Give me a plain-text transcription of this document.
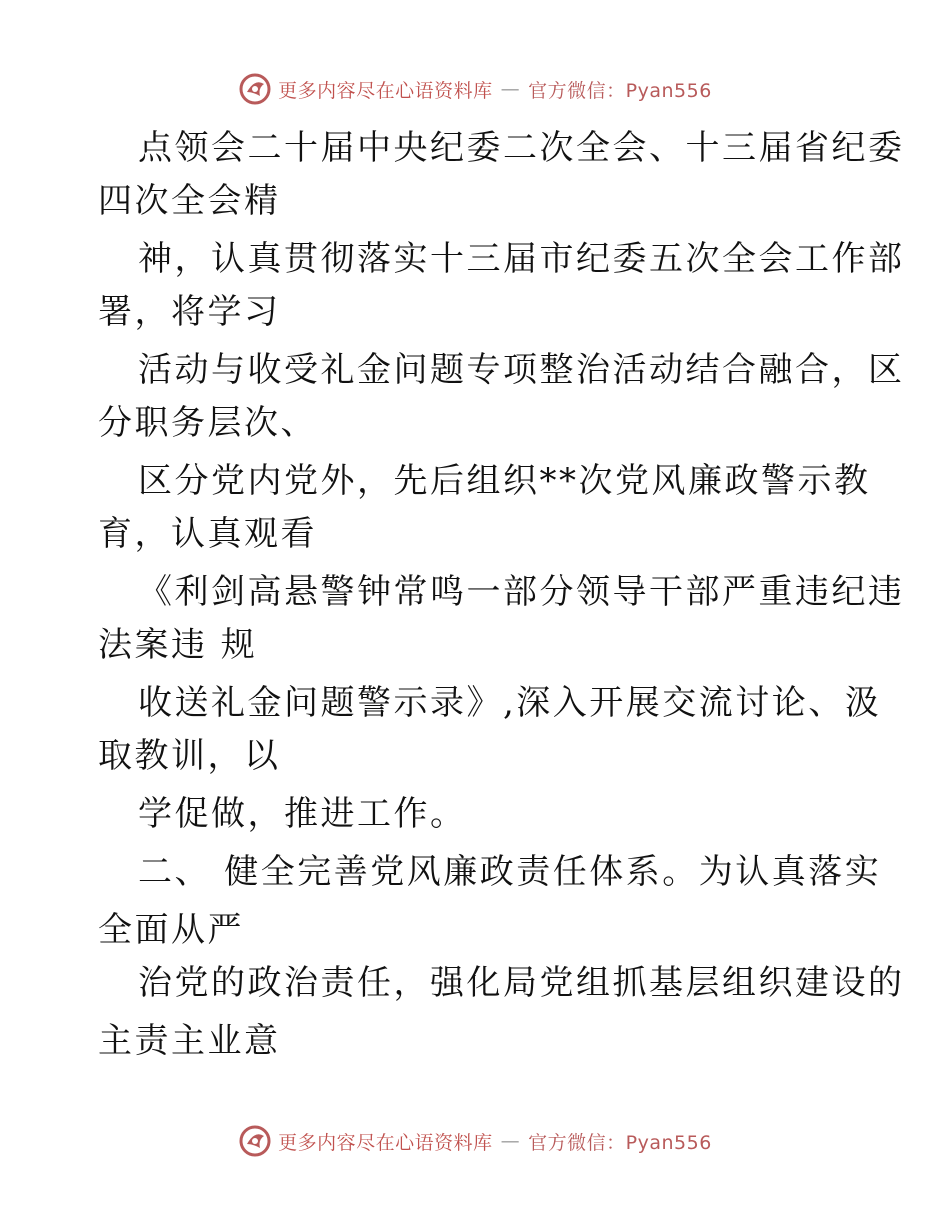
更多内容尽在心语资料库 — 官方微信：Pyan556
点领会二十届中央纪委二次全会、十三届省纪委
四次全会精
神，认真贯彻落实十三届市纪委五次全会工作部
署，将学习
活动与收受礼金问题专项整治活动结合融合，区
分职务层次、
区分党内党外，先后组织**次党风廉政警示教
育，认真观看
《利剑高悬警钟常鸣一部分领导干部严重违纪违
法案违 规
收送礼金问题警示录》,深入开展交流讨论、汲
取教训，以
学促做，推进工作。
二、 健全完善党风廉政责任体系。为认真落实
全面从严
治党的政治责任，强化局党组抓基层组织建设的
主责主业意
更多内容尽在心语资料库 — 官方微信：Pyan556
